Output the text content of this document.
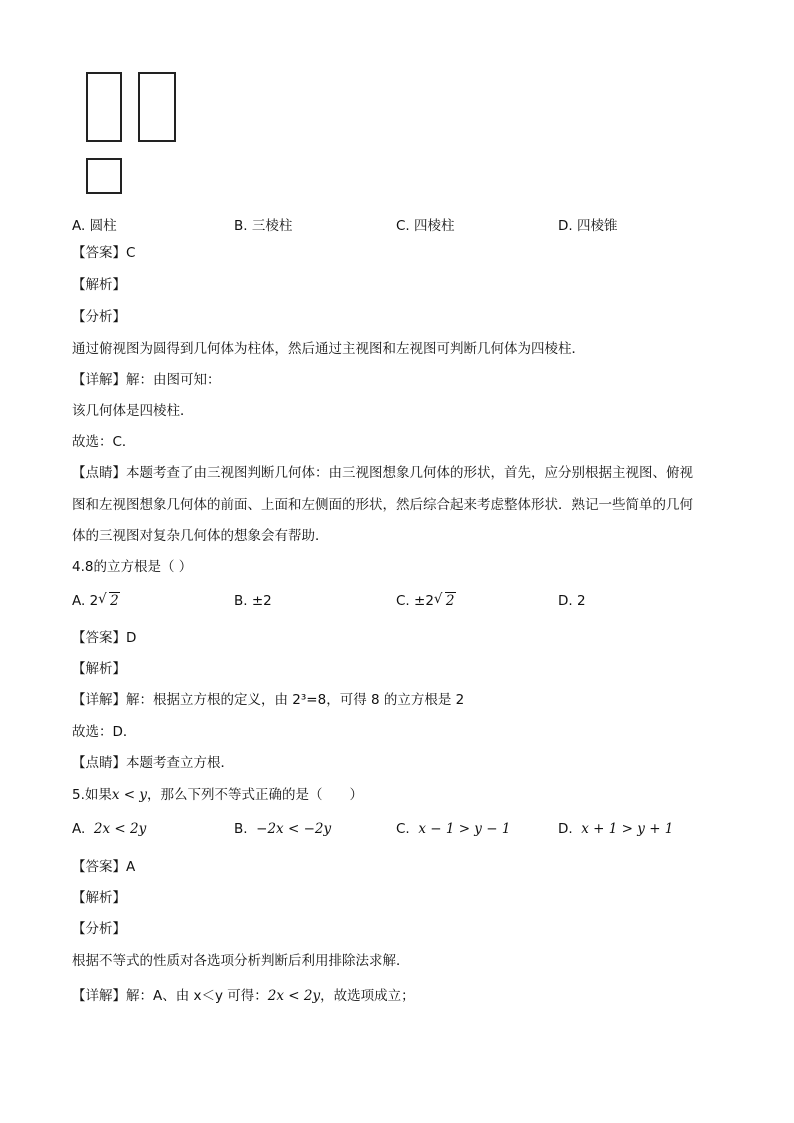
A. 圆柱	B. 三棱柱	C. 四棱柱	D. 四棱锥
【答案】C
【解析】
【分析】
通过俯视图为圆得到几何体为柱体，然后通过主视图和左视图可判断几何体为四棱柱．
【详解】解：由图可知：
该几何体是四棱柱．
故选：C．
【点睛】本题考查了由三视图判断几何体：由三视图想象几何体的形状，首先，应分别根据主视图、俯视
图和左视图想象几何体的前面、上面和左侧面的形状，然后综合起来考虑整体形状．熟记一些简单的几何
体的三视图对复杂几何体的想象会有帮助．
4.8的立方根是（ ）
A. 2 √ 2	B. ±2	C. ±2 √ 2	D. 2
【答案】D
【解析】
【详解】解：根据立方根的定义，由 2³=8，可得 8 的立方根是 2
故选：D．
【点睛】本题考查立方根．
5.如果x < y，那么下列不等式正确的是（　　）
A. 2x < 2y	B. −2x < −2y	C. x − 1 > y − 1	D. x + 1 > y + 1
【答案】A
【解析】
【分析】
根据不等式的性质对各选项分析判断后利用排除法求解．
【详解】解：A、由 x＜y 可得：2x < 2y，故选项成立；
